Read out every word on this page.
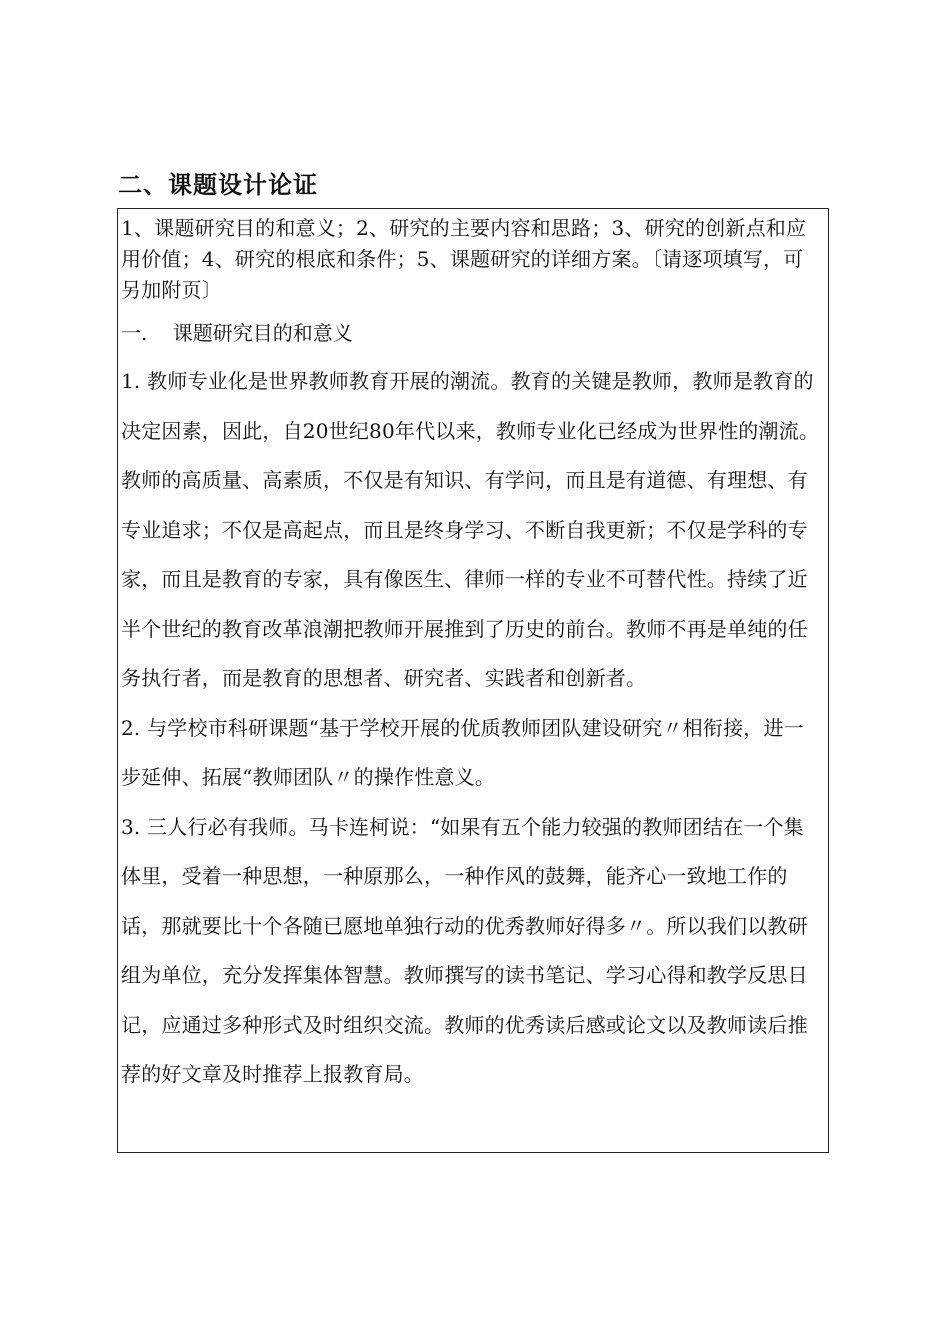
二、课题设计论证

1、课题研究目的和意义；2、研究的主要内容和思路；3、研究的创新点和应用价值；4、研究的根底和条件；5、课题研究的详细方案。〔请逐项填写，可另加附页〕

一.    课题研究目的和意义

1. 教师专业化是世界教师教育开展的潮流。教育的关键是教师，教师是教育的决定因素，因此，自20世纪80年代以来，教师专业化已经成为世界性的潮流。教师的高质量、高素质，不仅是有知识、有学问，而且是有道德、有理想、有专业追求；不仅是高起点，而且是终身学习、不断自我更新；不仅是学科的专家，而且是教育的专家，具有像医生、律师一样的专业不可替代性。持续了近半个世纪的教育改革浪潮把教师开展推到了历史的前台。教师不再是单纯的任务执行者，而是教育的思想者、研究者、实践者和创新者。

2. 与学校市科研课题“基于学校开展的优质教师团队建设研究〃相衔接，进一步延伸、拓展“教师团队〃的操作性意义。

3. 三人行必有我师。马卡连柯说：“如果有五个能力较强的教师团结在一个集体里，受着一种思想，一种原那么，一种作风的鼓舞，能齐心一致地工作的话，那就要比十个各随已愿地单独行动的优秀教师好得多〃。所以我们以教研组为单位，充分发挥集体智慧。教师撰写的读书笔记、学习心得和教学反思日记，应通过多种形式及时组织交流。教师的优秀读后感或论文以及教师读后推荐的好文章及时推荐上报教育局。
